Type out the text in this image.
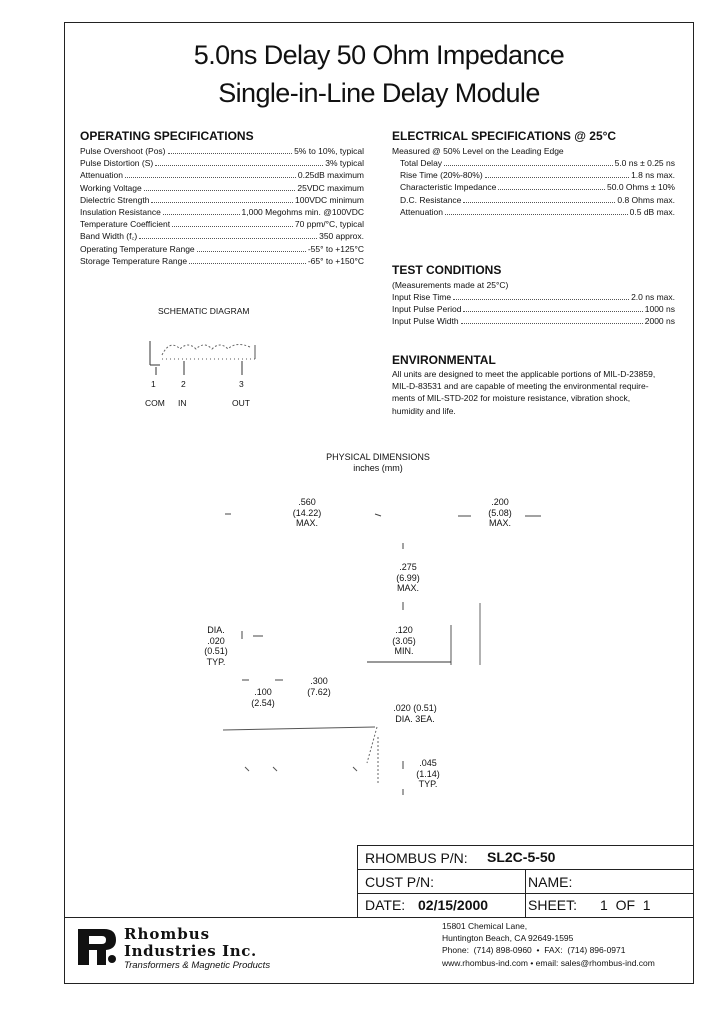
5.0ns Delay 50 Ohm Impedance
Single-in-Line Delay Module
OPERATING SPECIFICATIONS
Pulse Overshoot (Pos)	5% to 10%, typical
Pulse Distortion (S)	3% typical
Attenuation	0.25dB maximum
Working Voltage	25VDC maximum
Dielectric Strength	100VDC minimum
Insulation Resistance	1,000 Megohms min. @100VDC
Temperature Coefficient	70 ppm/°C, typical
Band Width (f꜀)	350 approx.
Operating Temperature Range	-55° to +125°C
Storage Temperature Range	-65° to +150°C
ELECTRICAL SPECIFICATIONS @ 25°C
Measured @ 50% Level on the Leading Edge
Total Delay	5.0 ns ± 0.25 ns
Rise Time (20%-80%)	1.8 ns max.
Characteristic Impedance	50.0 Ohms ± 10%
D.C. Resistance	0.8 Ohms max.
Attenuation	0.5 dB max.
TEST CONDITIONS
(Measurements made at 25°C)
Input Rise Time	2.0 ns max.
Input Pulse Period	1000 ns
Input Pulse Width	2000 ns
ENVIRONMENTAL
All units are designed to meet the applicable portions of MIL-D-23859,
MIL-D-83531 and are capable of meeting the environmental require-
ments of MIL-STD-202 for moisture resistance, vibration shock,
humidity and life.
SCHEMATIC DIAGRAM
1	2	3
COM IN	OUT
PHYSICAL DIMENSIONS
inches (mm)
.560
(14.22)
MAX.
.200
(5.08)
MAX.
.275
(6.99)
MAX.
DIA.
.020
(0.51)
TYP.
.120
(3.05)
MIN.
.100
(2.54)
.300
(7.62)
.020 (0.51)
DIA. 3EA.
.045
(1.14)
TYP.
RHOMBUS P/N: SL2C-5-50
CUST P/N:	NAME:
DATE: 02/15/2000	SHEET: 1  OF  1
Rhombus
Industries Inc.
Transformers & Magnetic Products
15801 Chemical Lane,
Huntington Beach, CA 92649-1595
Phone:  (714) 898-0960  •  FAX:  (714) 896-0971
www.rhombus-ind.com • email: sales@rhombus-ind.com
